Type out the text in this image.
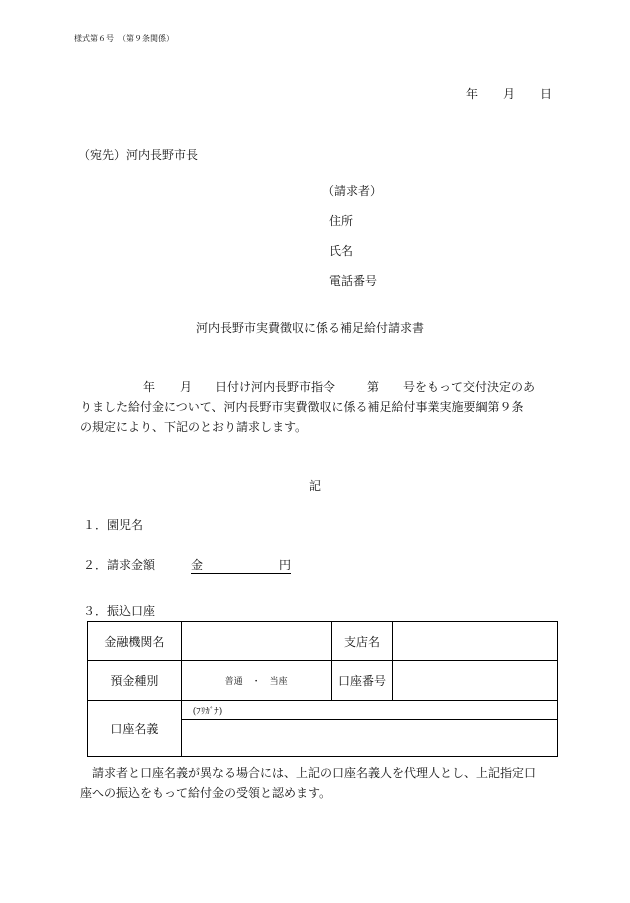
様式第６号　（第９条関係）
年 月 日
（宛先）河内長野市長
（請求者）
住所
氏名
電話番号
河内長野市実費徴収に係る補足給付請求書
年 月 日付け河内長野市指令	第 号をもって交付決定のあ
りました給付金について、河内長野市実費徴収に係る補足給付事業実施要綱第９条
の規定により、下記のとおり請求します。
記
１．園児名
２．請求金額	金	円
３．振込口座
金融機関名		支店名	
預金種別	普通　・　当座	口座番号	
口座名義	(ﾌﾘｶﾞﾅ)		

請求者と口座名義が異なる場合には、上記の口座名義人を代理人とし、上記指定口
座への振込をもって給付金の受領と認めます。
